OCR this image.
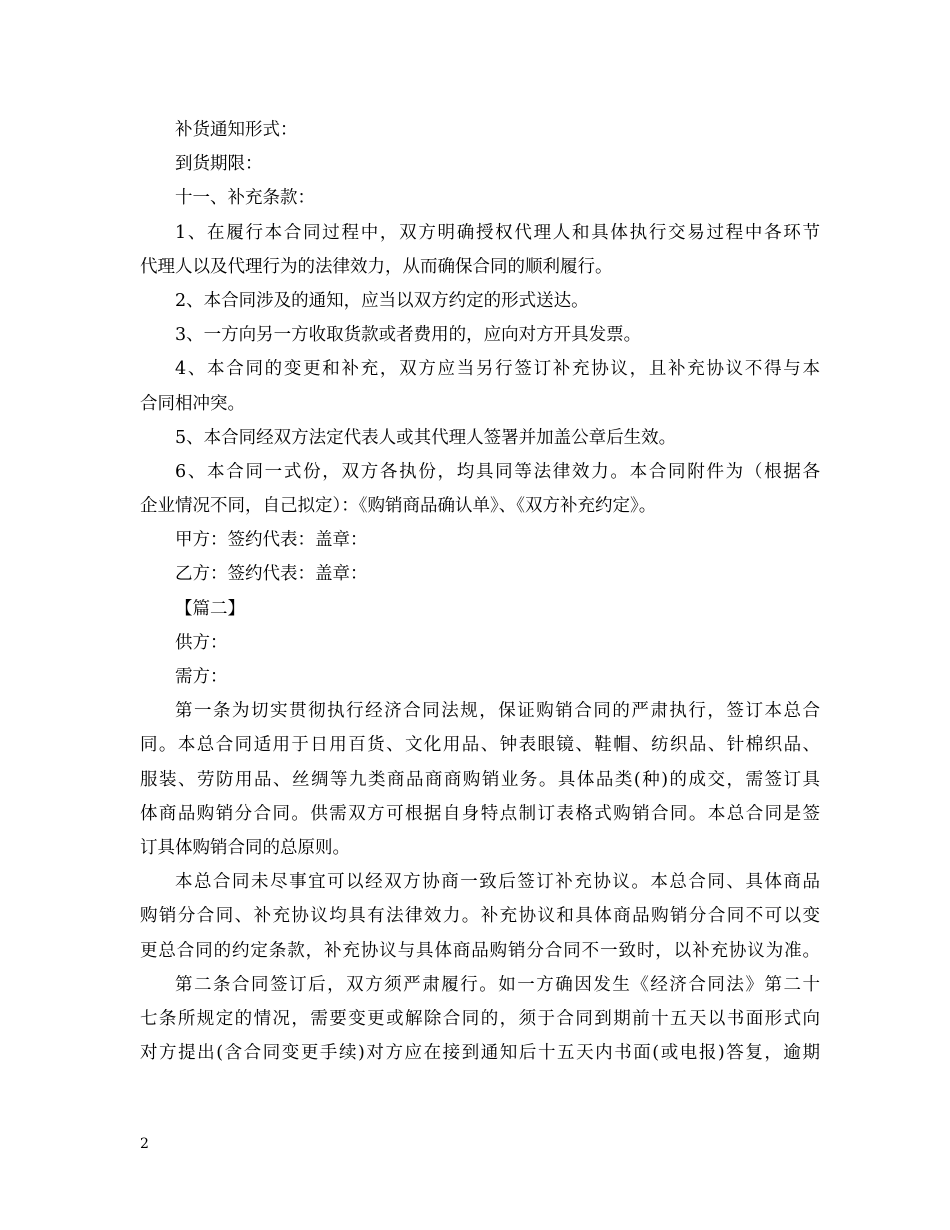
补货通知形式：
到货期限：
十一、补充条款：
1、在履行本合同过程中，双方明确授权代理人和具体执行交易过程中各环节
代理人以及代理行为的法律效力，从而确保合同的顺利履行。
2、本合同涉及的通知，应当以双方约定的形式送达。
3、一方向另一方收取货款或者费用的，应向对方开具发票。
4、本合同的变更和补充，双方应当另行签订补充协议，且补充协议不得与本
合同相冲突。
5、本合同经双方法定代表人或其代理人签署并加盖公章后生效。
6、本合同一式份，双方各执份，均具同等法律效力。本合同附件为（根据各
企业情况不同，自己拟定）：《购销商品确认单》、《双方补充约定》。
甲方：签约代表：盖章：
乙方：签约代表：盖章：
【篇二】
供方：
需方：
第一条为切实贯彻执行经济合同法规，保证购销合同的严肃执行，签订本总合
同。本总合同适用于日用百货、文化用品、钟表眼镜、鞋帽、纺织品、针棉织品、
服装、劳防用品、丝绸等九类商品商商购销业务。具体品类(种)的成交，需签订具
体商品购销分合同。供需双方可根据自身特点制订表格式购销合同。本总合同是签
订具体购销合同的总原则。
本总合同未尽事宜可以经双方协商一致后签订补充协议。本总合同、具体商品
购销分合同、补充协议均具有法律效力。补充协议和具体商品购销分合同不可以变
更总合同的约定条款，补充协议与具体商品购销分合同不一致时，以补充协议为准。
第二条合同签订后，双方须严肃履行。如一方确因发生《经济合同法》第二十
七条所规定的情况，需要变更或解除合同的，须于合同到期前十五天以书面形式向
对方提出(含合同变更手续)对方应在接到通知后十五天内书面(或电报)答复，逾期
2
